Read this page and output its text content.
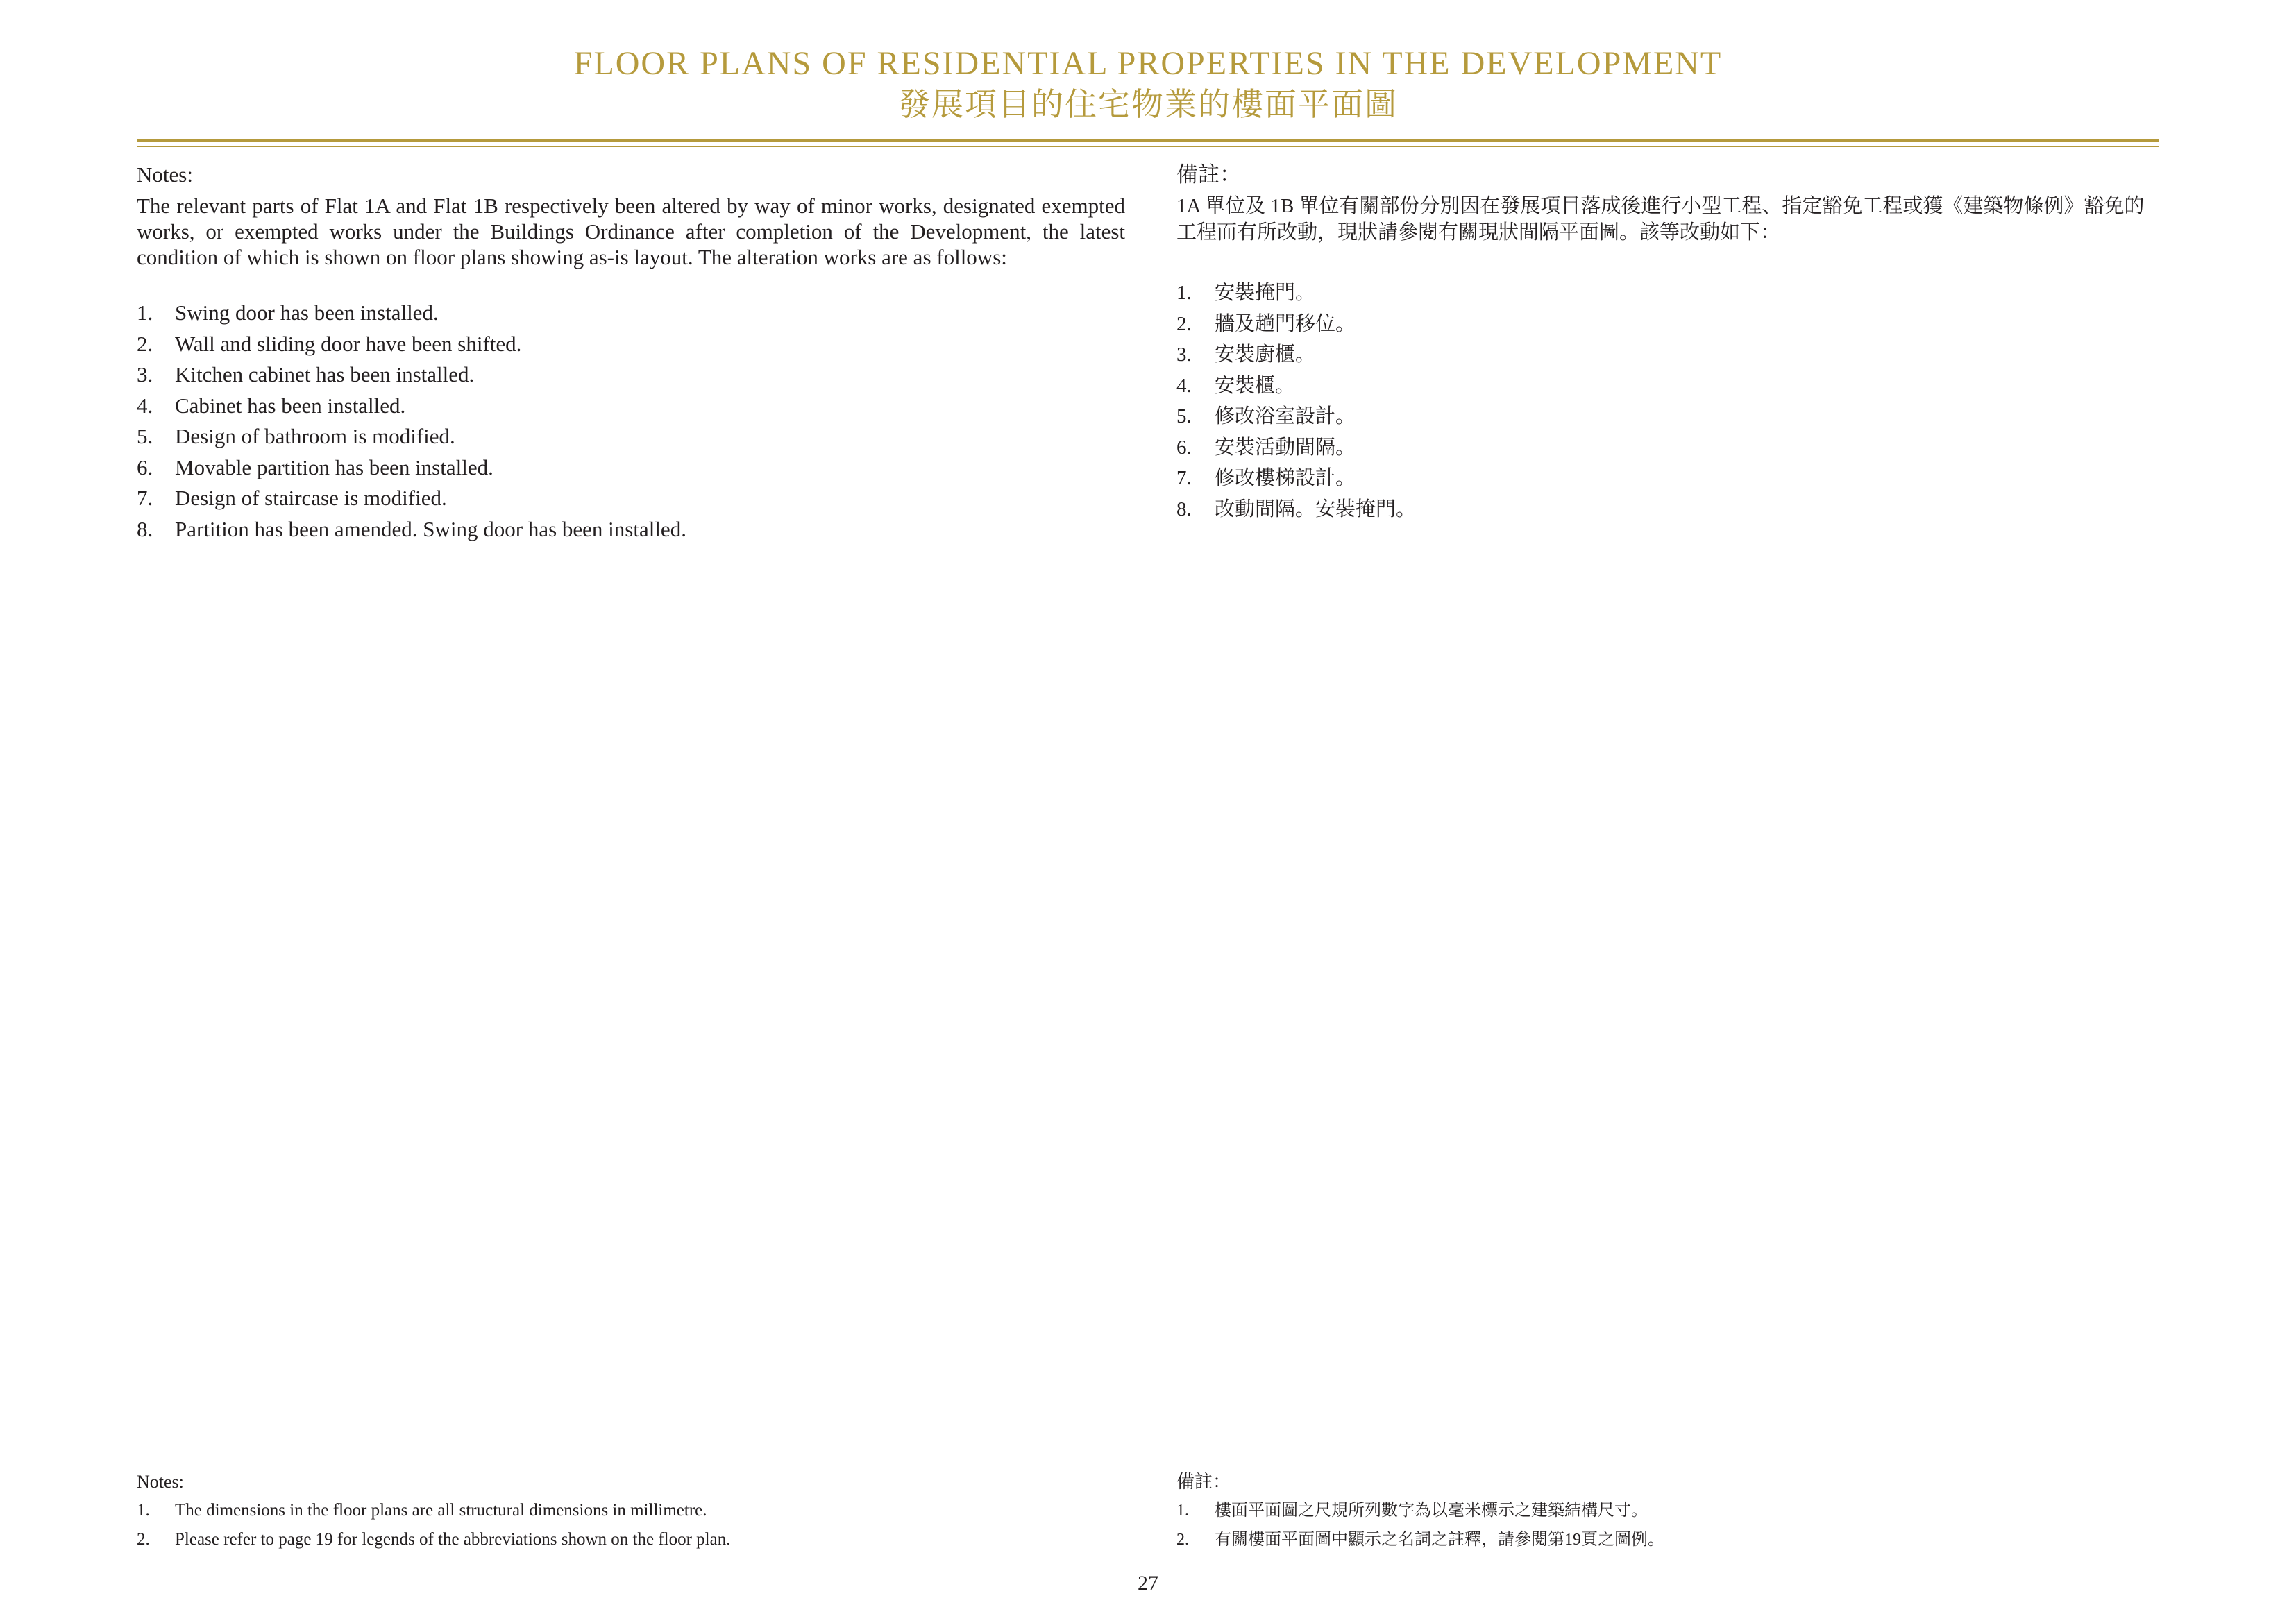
FLOOR PLANS OF RESIDENTIAL PROPERTIES IN THE DEVELOPMENT
發展項目的住宅物業的樓面平面圖
Notes:

The relevant parts of Flat 1A and Flat 1B respectively been altered by way of minor works, designated exempted works, or exempted works under the Buildings Ordinance after completion of the Development, the latest condition of which is shown on floor plans showing as-is layout. The alteration works are as follows:

1.	Swing door has been installed.
2.	Wall and sliding door have been shifted.
3.	Kitchen cabinet has been installed.
4.	Cabinet has been installed.
5.	Design of bathroom is modified.
6.	Movable partition has been installed.
7.	Design of staircase is modified.
8.	Partition has been amended. Swing door has been installed.
備註：

1A 單位及 1B 單位有關部份分別因在發展項目落成後進行小型工程、指定豁免工程或獲《建築物條例》豁免的工程而有所改動，現狀請參閱有關現狀間隔平面圖。該等改動如下：

1.	安裝掩門。
2.	牆及趟門移位。
3.	安裝廚櫃。
4.	安裝櫃。
5.	修改浴室設計。
6.	安裝活動間隔。
7.	修改樓梯設計。
8.	改動間隔。安裝掩門。
Notes:
1.	The dimensions in the floor plans are all structural dimensions in millimetre.
2.	Please refer to page 19 for legends of the abbreviations shown on the floor plan.
備註：
1.	樓面平面圖之尺規所列數字為以毫米標示之建築結構尺寸。
2.	有關樓面平面圖中顯示之名詞之註釋，請參閱第19頁之圖例。
27
